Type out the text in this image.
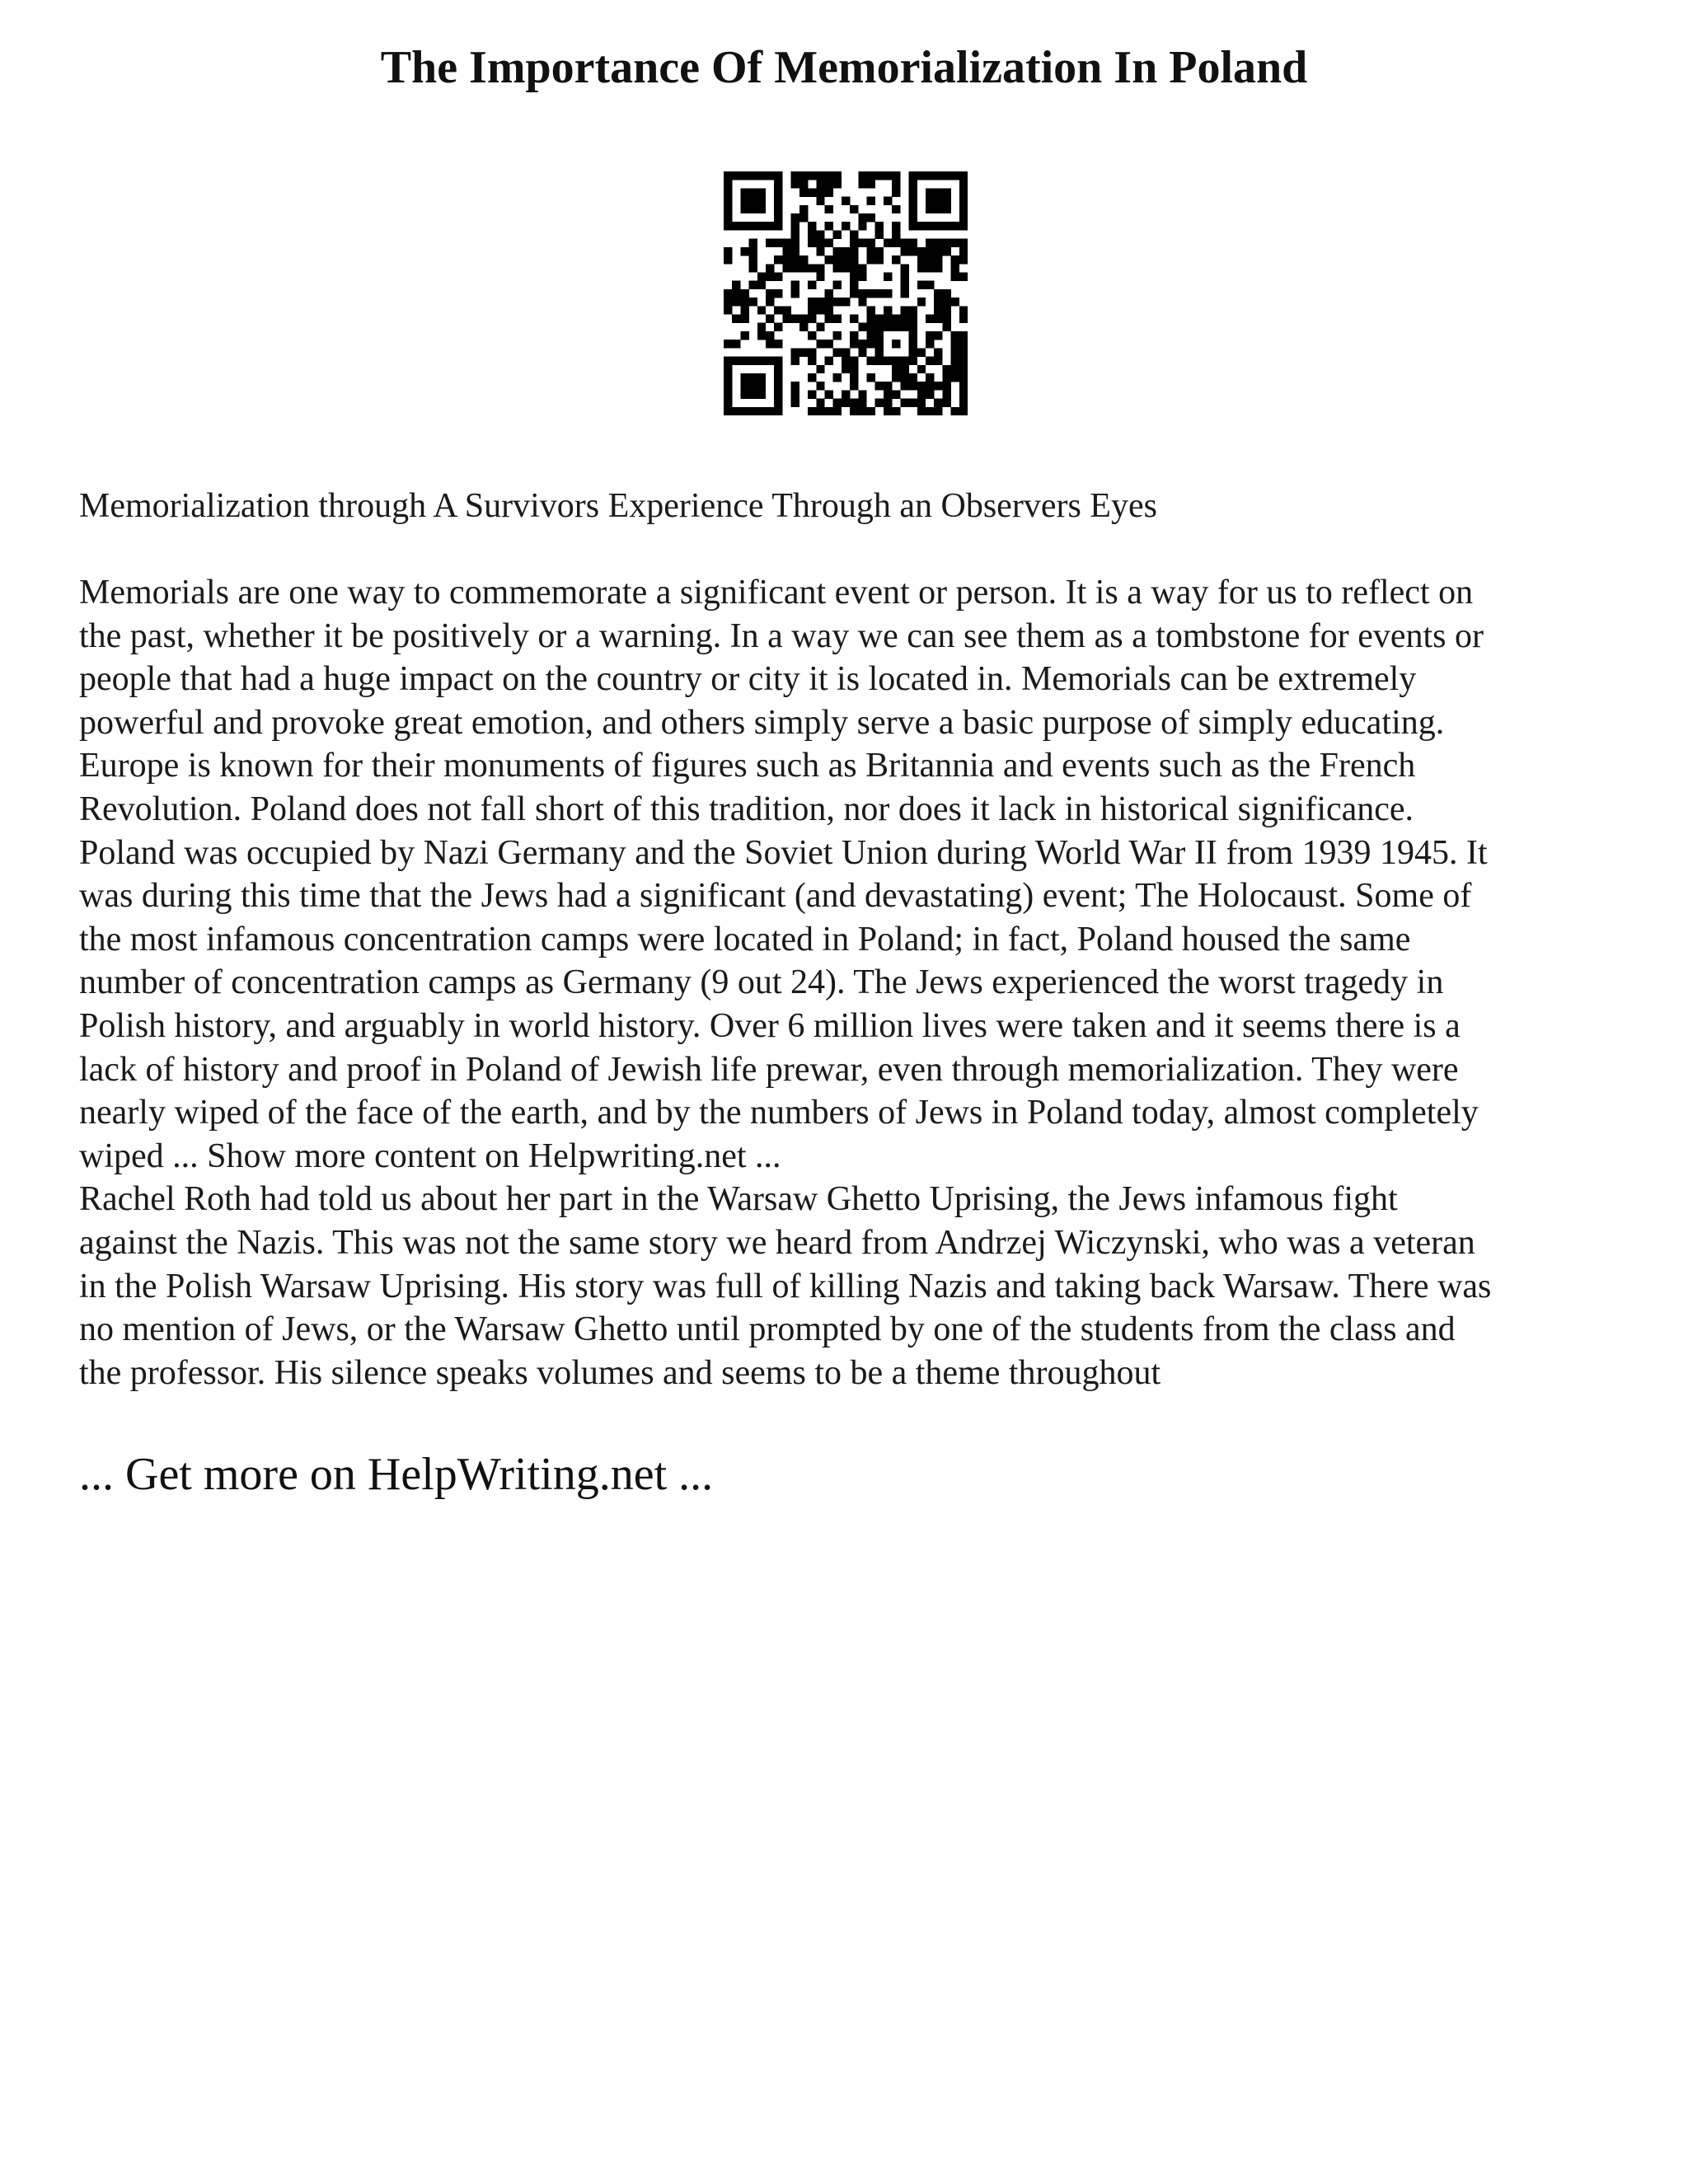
The Importance Of Memorialization In Poland
Memorialization through A Survivors Experience Through an Observers Eyes

Memorials are one way to commemorate a significant event or person. It is a way for us to reflect on
the past, whether it be positively or a warning. In a way we can see them as a tombstone for events or
people that had a huge impact on the country or city it is located in. Memorials can be extremely
powerful and provoke great emotion, and others simply serve a basic purpose of simply educating.
Europe is known for their monuments of figures such as Britannia and events such as the French
Revolution. Poland does not fall short of this tradition, nor does it lack in historical significance.
Poland was occupied by Nazi Germany and the Soviet Union during World War II from 1939 1945. It
was during this time that the Jews had a significant (and devastating) event; The Holocaust. Some of
the most infamous concentration camps were located in Poland; in fact, Poland housed the same
number of concentration camps as Germany (9 out 24). The Jews experienced the worst tragedy in
Polish history, and arguably in world history. Over 6 million lives were taken and it seems there is a
lack of history and proof in Poland of Jewish life prewar, even through memorialization. They were
nearly wiped of the face of the earth, and by the numbers of Jews in Poland today, almost completely
wiped ... Show more content on Helpwriting.net ...

Rachel Roth had told us about her part in the Warsaw Ghetto Uprising, the Jews infamous fight
against the Nazis. This was not the same story we heard from Andrzej Wiczynski, who was a veteran
in the Polish Warsaw Uprising. His story was full of killing Nazis and taking back Warsaw. There was
no mention of Jews, or the Warsaw Ghetto until prompted by one of the students from the class and
the professor. His silence speaks volumes and seems to be a theme throughout

... Get more on HelpWriting.net ...
